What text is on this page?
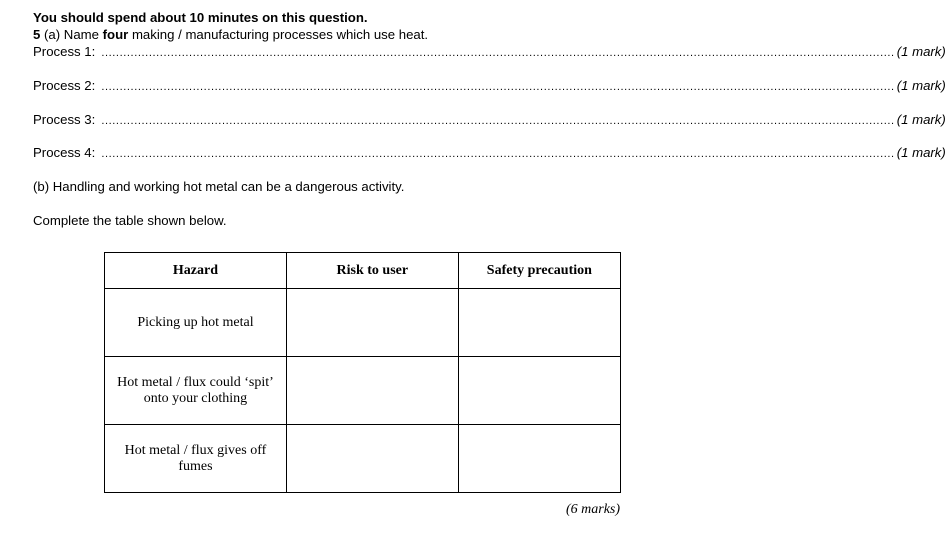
You should spend about 10 minutes on this question.
5 (a) Name four making / manufacturing processes which use heat.
Process 1: ......................................................................................................................................................................................................................... (1 mark)
Process 2: ......................................................................................................................................................................................................................... (1 mark)
Process 3: ......................................................................................................................................................................................................................... (1 mark)
Process 4: ......................................................................................................................................................................................................................... (1 mark)
(b) Handling and working hot metal can be a dangerous activity.
Complete the table shown below.
Hazard	Risk to user	Safety precaution
Picking up hot metal		
Hot metal / flux could ‘spit’ onto your clothing		
Hot metal / flux gives off fumes		
(6 marks)
